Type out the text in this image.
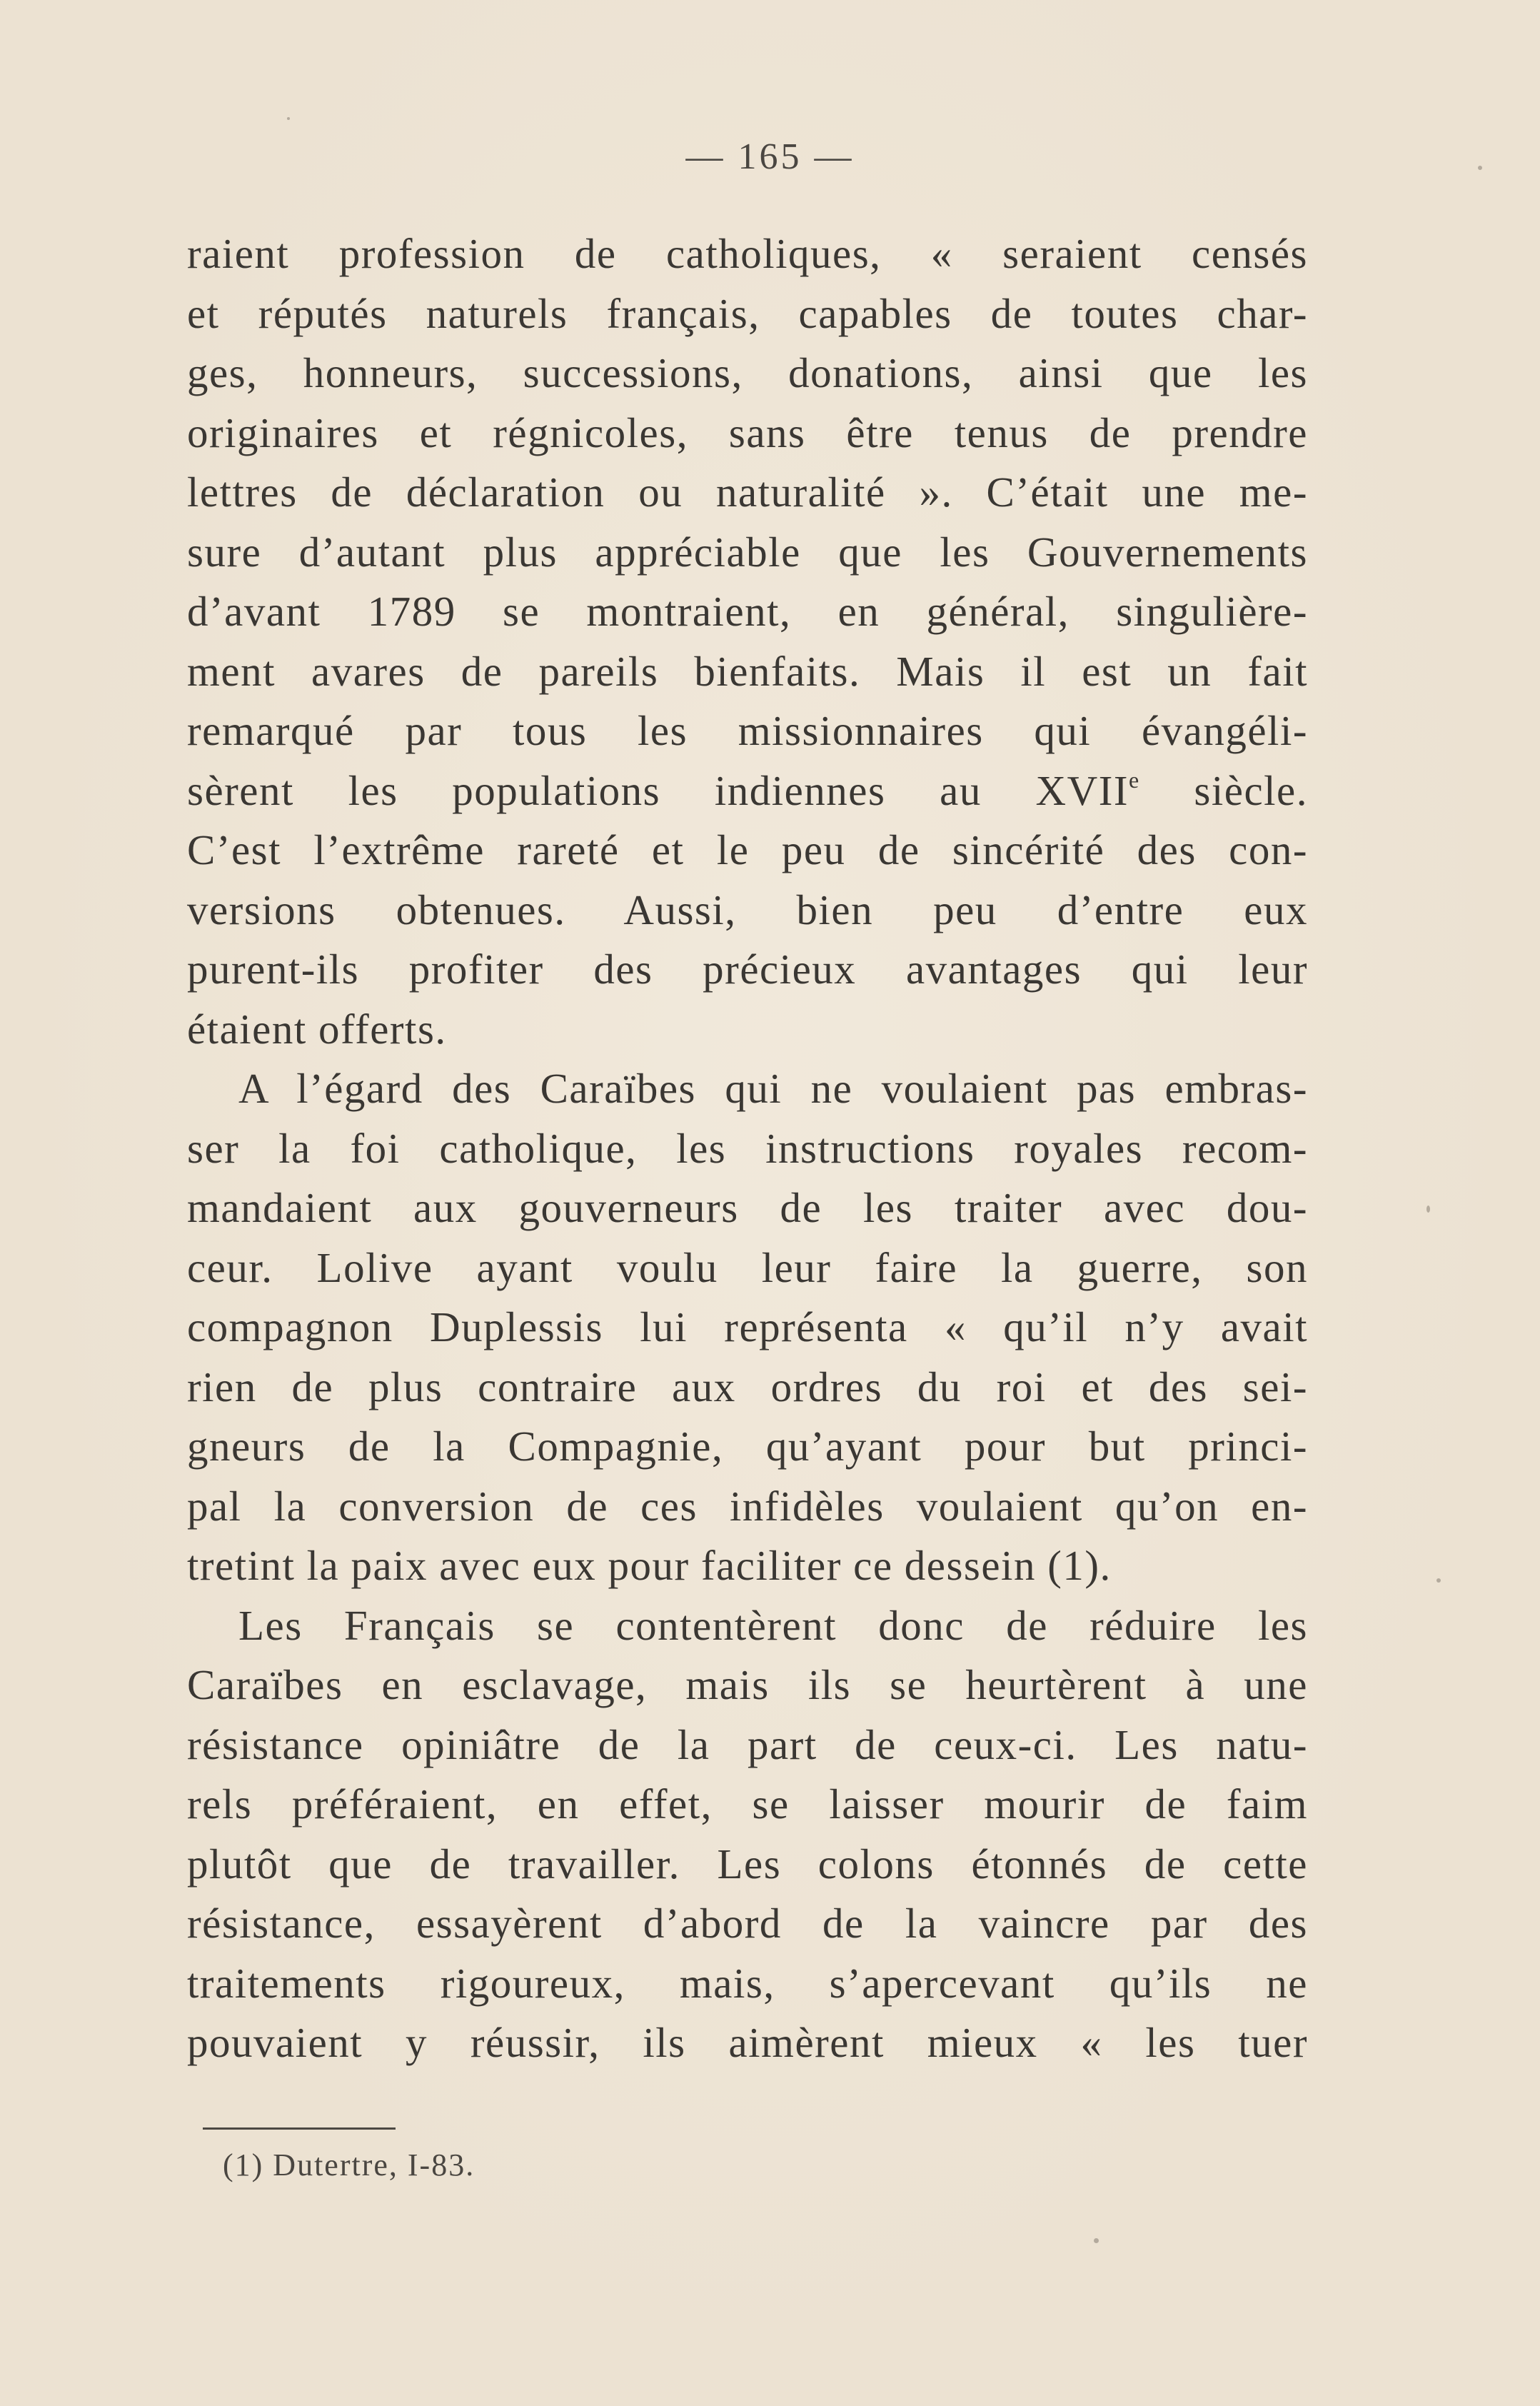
— 165 —
raient profession de catholiques, « seraient censés
et réputés naturels français, capables de toutes char-
ges, honneurs, successions, donations, ainsi que les
originaires et régnicoles, sans être tenus de prendre
lettres de déclaration ou naturalité ». C’était une me-
sure d’autant plus appréciable que les Gouvernements
d’avant 1789 se montraient, en général, singulière-
ment avares de pareils bienfaits. Mais il est un fait
remarqué par tous les missionnaires qui évangéli-
sèrent les populations indiennes au XVIIe siècle.
C’est l’extrême rareté et le peu de sincérité des con-
versions obtenues. Aussi, bien peu d’entre eux
purent-ils profiter des précieux avantages qui leur
étaient offerts.
A l’égard des Caraïbes qui ne voulaient pas embras-
ser la foi catholique, les instructions royales recom-
mandaient aux gouverneurs de les traiter avec dou-
ceur. Lolive ayant voulu leur faire la guerre, son
compagnon Duplessis lui représenta « qu’il n’y avait
rien de plus contraire aux ordres du roi et des sei-
gneurs de la Compagnie, qu’ayant pour but princi-
pal la conversion de ces infidèles voulaient qu’on en-
tretint la paix avec eux pour faciliter ce dessein (1).
Les Français se contentèrent donc de réduire les
Caraïbes en esclavage, mais ils se heurtèrent à une
résistance opiniâtre de la part de ceux-ci. Les natu-
rels préféraient, en effet, se laisser mourir de faim
plutôt que de travailler. Les colons étonnés de cette
résistance, essayèrent d’abord de la vaincre par des
traitements rigoureux, mais, s’apercevant qu’ils ne
pouvaient y réussir, ils aimèrent mieux « les tuer
(1) Dutertre, I-83.
